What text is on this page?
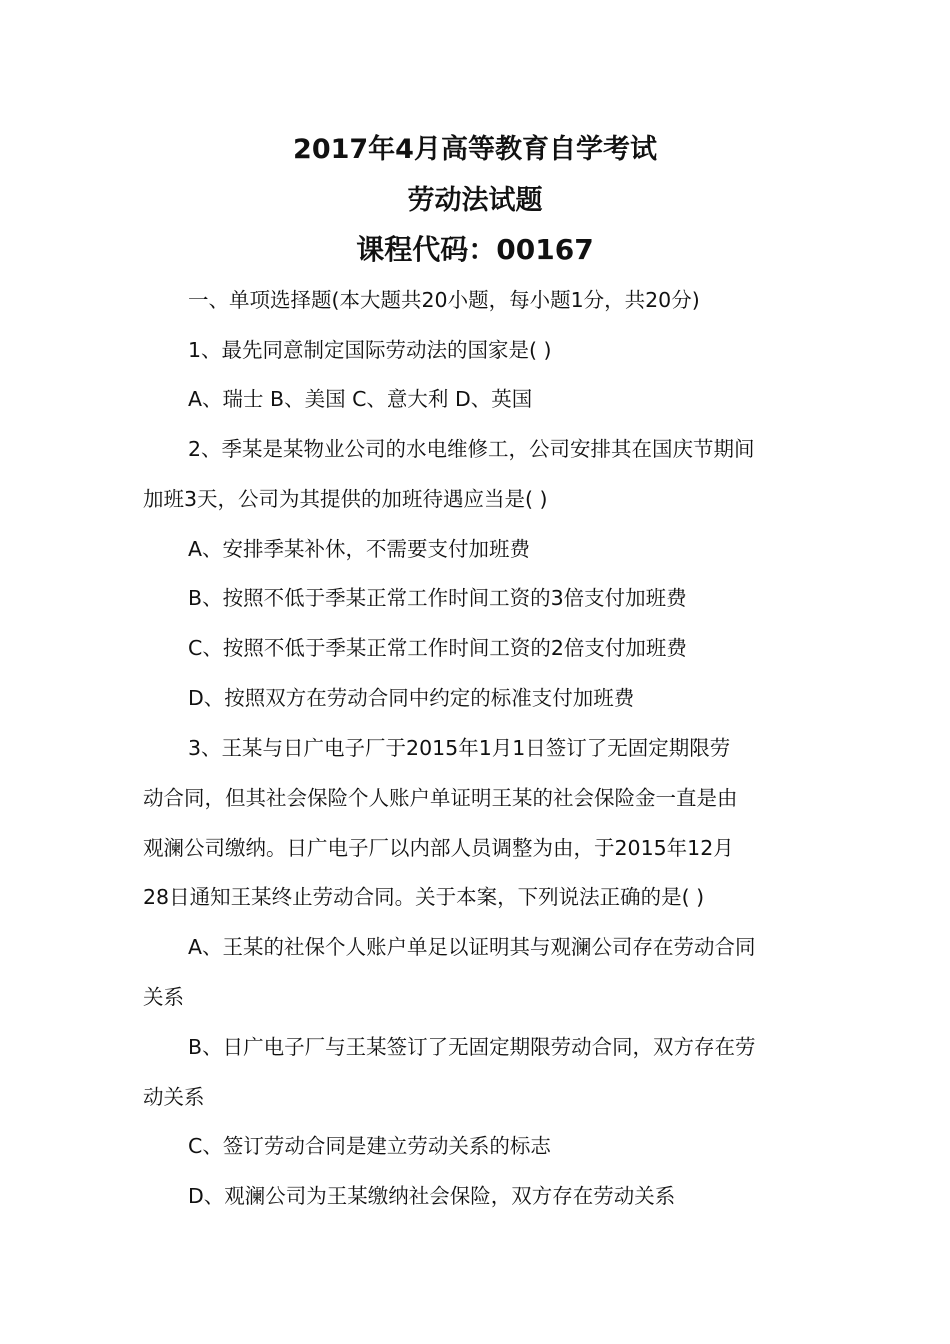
2017年4月高等教育自学考试
劳动法试题
课程代码：00167
一、单项选择题(本大题共20小题，每小题1分，共20分)
1、最先同意制定国际劳动法的国家是( )
A、瑞士 B、美国 C、意大利 D、英国
2、季某是某物业公司的水电维修工，公司安排其在国庆节期间
加班3天，公司为其提供的加班待遇应当是( )
A、安排季某补休，不需要支付加班费
B、按照不低于季某正常工作时间工资的3倍支付加班费
C、按照不低于季某正常工作时间工资的2倍支付加班费
D、按照双方在劳动合同中约定的标准支付加班费
3、王某与日广电子厂于2015年1月1日签订了无固定期限劳
动合同，但其社会保险个人账户单证明王某的社会保险金一直是由
观澜公司缴纳。日广电子厂以内部人员调整为由，于2015年12月
28日通知王某终止劳动合同。关于本案，下列说法正确的是( )
A、王某的社保个人账户单足以证明其与观澜公司存在劳动合同
关系
B、日广电子厂与王某签订了无固定期限劳动合同，双方存在劳
动关系
C、签订劳动合同是建立劳动关系的标志
D、观澜公司为王某缴纳社会保险，双方存在劳动关系
